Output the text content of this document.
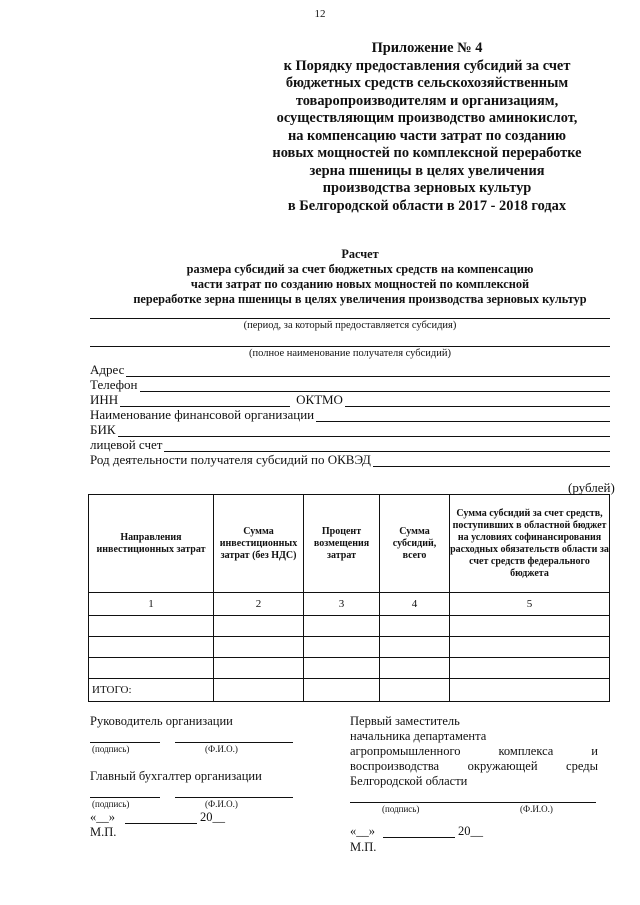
12
Приложение № 4
к Порядку предоставления субсидий за счет
бюджетных средств сельскохозяйственным
товаропроизводителям и организациям,
осуществляющим производство аминокислот,
на компенсацию части затрат по созданию
новых мощностей по комплексной переработке
зерна пшеницы в целях увеличения
производства зерновых культур
в Белгородской области в 2017 - 2018 годах
Расчет
размера субсидий за счет бюджетных средств на компенсацию
части затрат по созданию новых мощностей по комплексной
переработке зерна пшеницы в целях увеличения производства зерновых культур
(период, за который предоставляется субсидия)
(полное наименование получателя субсидий)
Адрес
Телефон
ИНН	ОКТМО
Наименование финансовой организации
БИК
лицевой счет
Род деятельности получателя субсидий по ОКВЭД
(рублей)
Направления инвестиционных затрат	Сумма инвестиционных затрат (без НДС)	Процент возмещения затрат	Сумма субсидий, всего	Сумма субсидий за счет средств, поступивших в областной бюджет на условиях софинансирования расходных обязательств области за счет средств федерального бюджета
1	2	3	4	5

ИТОГО:				
Руководитель организации
(подпись)	(Ф.И.О.)
Главный бухгалтер организации
(подпись)	(Ф.И.О.)
«__»	20__
М.П.
Первый заместитель
начальника департамента
агропромышленного	комплекса	и
воспроизводства окружающей среды
Белгородской области
(подпись)	(Ф.И.О.)
«__»	20__
М.П.
